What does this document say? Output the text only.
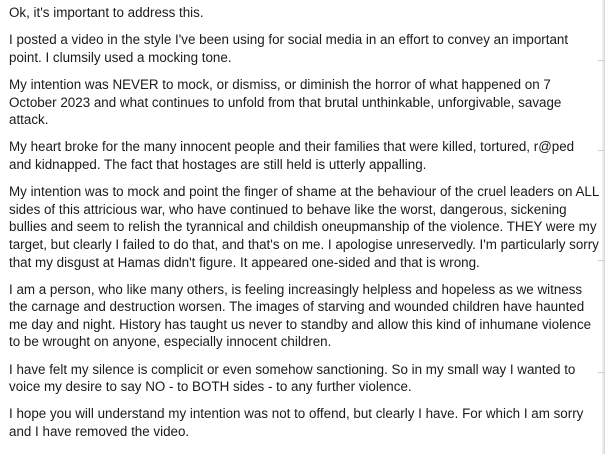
Ok, it's important to address this.

I posted a video in the style I've been using for social media in an effort to convey an important point. I clumsily used a mocking tone.

My intention was NEVER to mock, or dismiss, or diminish the horror of what happened on 7 October 2023 and what continues to unfold from that brutal unthinkable, unforgivable, savage attack.

My heart broke for the many innocent people and their families that were killed, tortured, r@ped and kidnapped. The fact that hostages are still held is utterly appalling.

My intention was to mock and point the finger of shame at the behaviour of the cruel leaders on ALL sides of this attricious war, who have continued to behave like the worst, dangerous, sickening bullies and seem to relish the tyrannical and childish oneupmanship of the violence. THEY were my target, but clearly I failed to do that, and that's on me. I apologise unreservedly. I'm particularly sorry that my disgust at Hamas didn't figure. It appeared one-sided and that is wrong.

I am a person, who like many others, is feeling increasingly helpless and hopeless as we witness the carnage and destruction worsen. The images of starving and wounded children have haunted me day and night. History has taught us never to standby and allow this kind of inhumane violence to be wrought on anyone, especially innocent children.

I have felt my silence is complicit or even somehow sanctioning. So in my small way I wanted to voice my desire to say NO - to BOTH sides - to any further violence.

I hope you will understand my intention was not to offend, but clearly I have. For which I am sorry and I have removed the video.
